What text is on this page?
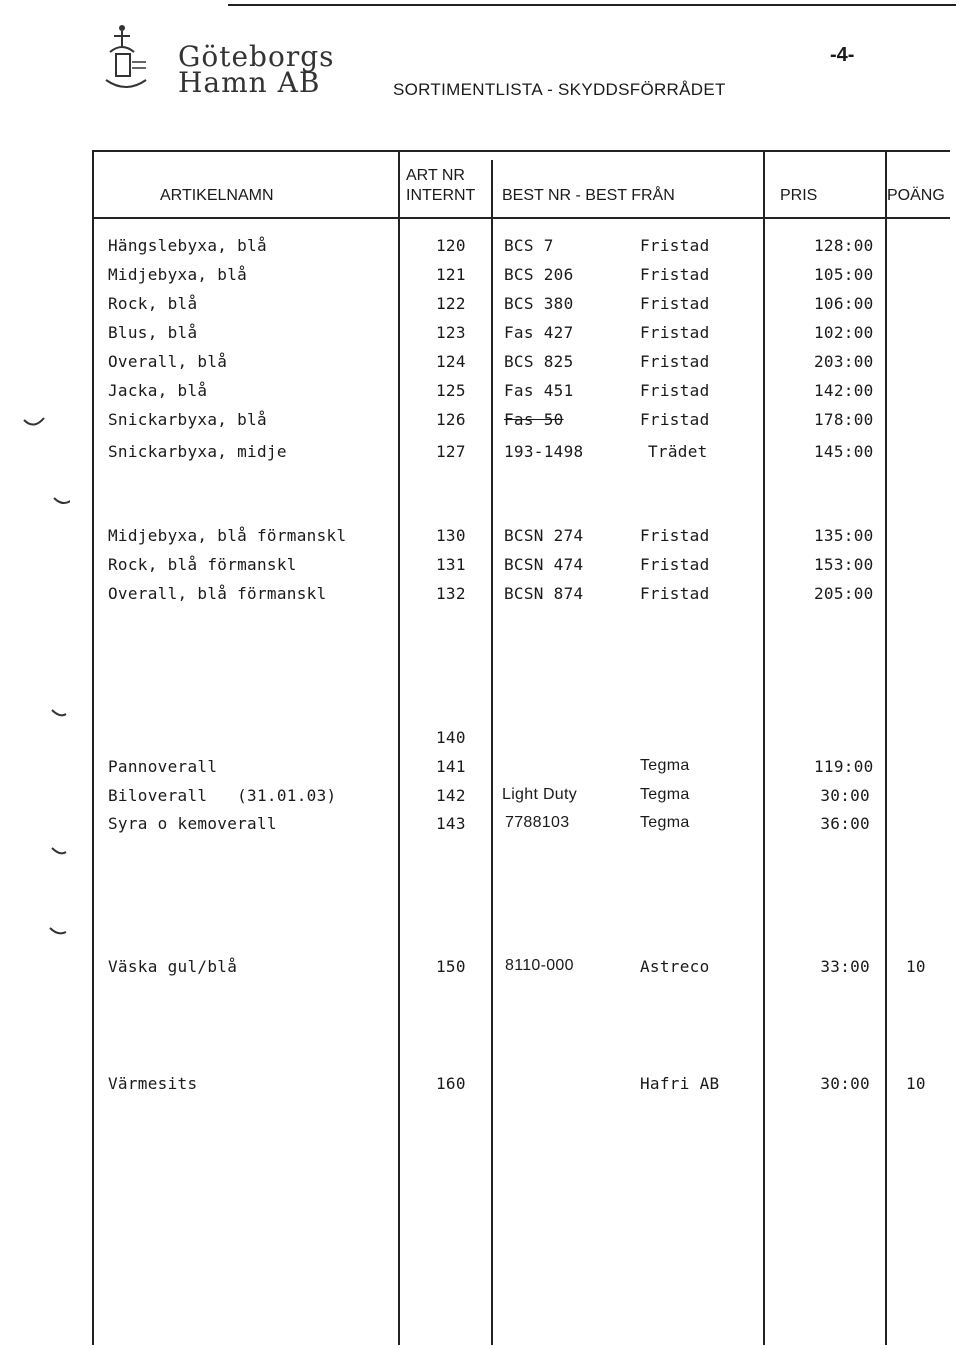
Göteborgs
Hamn AB	SORTIMENTLISTA - SKYDDSFÖRRÅDET
-4-
ARTIKELNAMN
ART NR
INTERNT BEST NR - BEST FRÅN	PRIS	POÄNG
Hängslebyxa, blå	120 BCS 7	Fristad	128:00
Midjebyxa, blå	121 BCS 206	Fristad	105:00
Rock, blå	122 BCS 380	Fristad	106:00
Blus, blå	123 Fas 427	Fristad	102:00
Overall, blå	124 BCS 825	Fristad	203:00
Jacka, blå	125 Fas 451	Fristad	142:00
Snickarbyxa, blå	126 Fas 50	Fristad	178:00
Snickarbyxa, midje	127 193-1498	Trädet	145:00
Midjebyxa, blå förmanskl	130 BCSN 274	Fristad	135:00
Rock, blå förmanskl	131 BCSN 474	Fristad	153:00
Overall, blå förmanskl	132 BCSN 874	Fristad	205:00
140
Pannoverall	141	Tegma	119:00
Biloverall   (31.01.03)	142 Light Duty	Tegma	30:00
Syra o kemoverall	143 7788103	Tegma	36:00
Väska gul/blå	150 8110-000	Astreco	33:00 10
Värmesits	160	Hafri AB	30:00 10
